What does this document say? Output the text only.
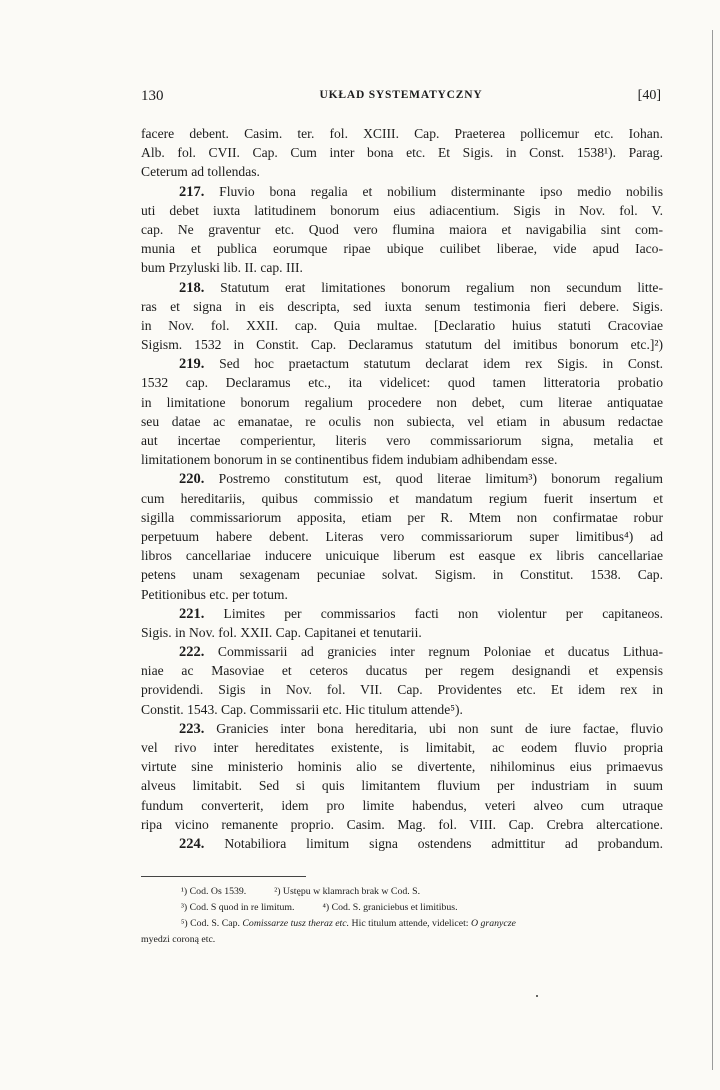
130	UKŁAD SYSTEMATYCZNY	[40]
facere debent. Casim. ter. fol. XCIII. Cap. Praeterea pollicemur etc. Iohan.
Alb. fol. CVII. Cap. Cum inter bona etc. Et Sigis. in Const. 1538¹). Parag.
Ceterum ad tollendas.
217. Fluvio bona regalia et nobilium disterminante ipso medio nobilis
uti debet iuxta latitudinem bonorum eius adiacentium. Sigis in Nov. fol. V.
cap. Ne graventur etc. Quod vero flumina maiora et navigabilia sint com-
munia et publica eorumque ripae ubique cuilibet liberae, vide apud Iaco-
bum Przyluski lib. II. cap. III.
218. Statutum erat limitationes bonorum regalium non secundum litte-
ras et signa in eis descripta, sed iuxta senum testimonia fieri debere. Sigis.
in Nov. fol. XXII. cap. Quia multae. [Declaratio huius statuti Cracoviae
Sigism. 1532 in Constit. Cap. Declaramus statutum del imitibus bonorum etc.]²)
219. Sed hoc praetactum statutum declarat idem rex Sigis. in Const.
1532 cap. Declaramus etc., ita videlicet: quod tamen litteratoria probatio
in limitatione bonorum regalium procedere non debet, cum literae antiquatae
seu datae ac emanatae, re oculis non subiecta, vel etiam in abusum redactae
aut incertae comperientur, literis vero commissariorum signa, metalia et
limitationem bonorum in se continentibus fidem indubiam adhibendam esse.
220. Postremo constitutum est, quod literae limitum³) bonorum regalium
cum hereditariis, quibus commissio et mandatum regium fuerit insertum et
sigilla commissariorum apposita, etiam per R. Mtem non confirmatae robur
perpetuum habere debent. Literas vero commissariorum super limitibus⁴) ad
libros cancellariae inducere unicuique liberum est easque ex libris cancellariae
petens unam sexagenam pecuniae solvat. Sigism. in Constitut. 1538. Cap.
Petitionibus etc. per totum.
221. Limites per commissarios facti non violentur per capitaneos.
Sigis. in Nov. fol. XXII. Cap. Capitanei et tenutarii.
222. Commissarii ad granicies inter regnum Poloniae et ducatus Lithua-
niae ac Masoviae et ceteros ducatus per regem designandi et expensis
providendi. Sigis in Nov. fol. VII. Cap. Providentes etc. Et idem rex in
Constit. 1543. Cap. Commissarii etc. Hic titulum attende⁵).
223. Granicies inter bona hereditaria, ubi non sunt de iure factae, fluvio
vel rivo inter hereditates existente, is limitabit, ac eodem fluvio propria
virtute sine ministerio hominis alio se divertente, nihilominus eius primaevus
alveus limitabit. Sed si quis limitantem fluvium per industriam in suum
fundum converterit, idem pro limite habendus, veteri alveo cum utraque
ripa vicino remanente proprio. Casim. Mag. fol. VIII. Cap. Crebra altercatione.
224. Notabiliora limitum signa ostendens admittitur ad probandum.
¹) Cod. Os 1539.	²) Ustępu w klamrach brak w Cod. S.
³) Cod. S quod in re limitum.	⁴) Cod. S. graniciebus et limitibus.
⁵) Cod. S. Cap. Comissarze tusz theraz etc. Hic titulum attende, videlicet: O granycze
myedzi coroną etc.
